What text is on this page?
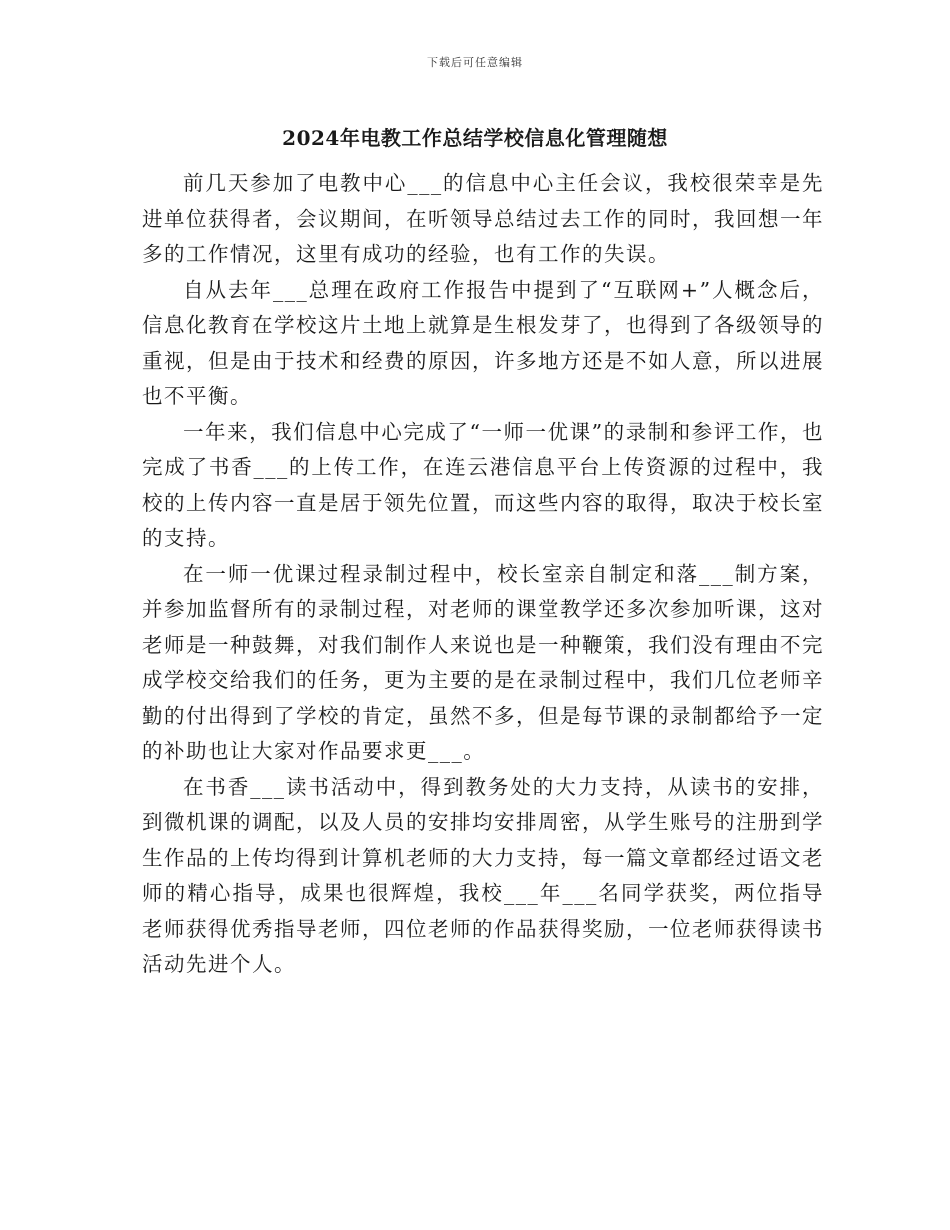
下载后可任意编辑
2024年电教工作总结学校信息化管理随想

前几天参加了电教中心___的信息中心主任会议，我校很荣幸是先进单位获得者，会议期间，在听领导总结过去工作的同时，我回想一年多的工作情况，这里有成功的经验，也有工作的失误。

自从去年___总理在政府工作报告中提到了“互联网+”人概念后，信息化教育在学校这片土地上就算是生根发芽了，也得到了各级领导的重视，但是由于技术和经费的原因，许多地方还是不如人意，所以进展也不平衡。

一年来，我们信息中心完成了“一师一优课”的录制和参评工作，也完成了书香___的上传工作，在连云港信息平台上传资源的过程中，我校的上传内容一直是居于领先位置，而这些内容的取得，取决于校长室的支持。

在一师一优课过程录制过程中，校长室亲自制定和落___制方案，并参加监督所有的录制过程，对老师的课堂教学还多次参加听课，这对老师是一种鼓舞，对我们制作人来说也是一种鞭策，我们没有理由不完成学校交给我们的任务，更为主要的是在录制过程中，我们几位老师辛勤的付出得到了学校的肯定，虽然不多，但是每节课的录制都给予一定的补助也让大家对作品要求更___。

在书香___读书活动中，得到教务处的大力支持，从读书的安排，到微机课的调配，以及人员的安排均安排周密，从学生账号的注册到学生作品的上传均得到计算机老师的大力支持，每一篇文章都经过语文老师的精心指导，成果也很辉煌，我校___年___名同学获奖，两位指导老师获得优秀指导老师，四位老师的作品获得奖励，一位老师获得读书活动先进个人。
